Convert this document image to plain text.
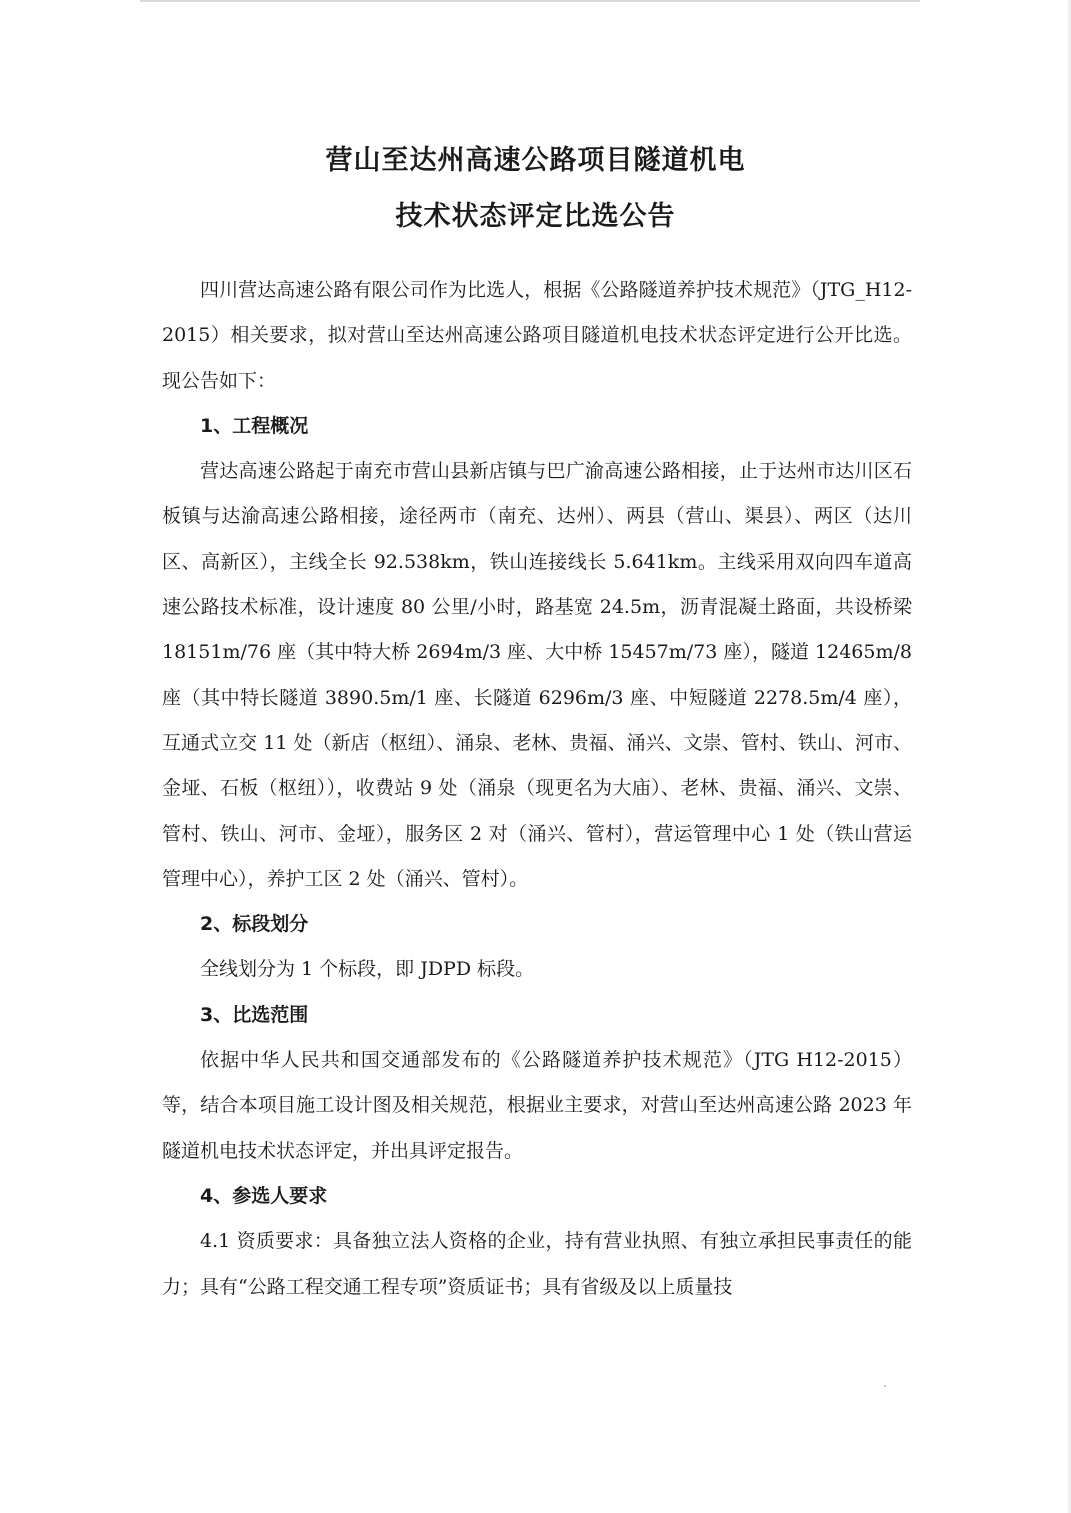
营山至达州高速公路项目隧道机电
技术状态评定比选公告

四川营达高速公路有限公司作为比选人，根据《公路隧道养护技术规范》（JTG_H12-2015）相关要求，拟对营山至达州高速公路项目隧道机电技术状态评定进行公开比选。现公告如下：

1、工程概况

营达高速公路起于南充市营山县新店镇与巴广渝高速公路相接，止于达州市达川区石板镇与达渝高速公路相接，途径两市（南充、达州）、两县（营山、渠县）、两区（达川区、高新区），主线全长 92.538km，铁山连接线长 5.641km。主线采用双向四车道高速公路技术标准，设计速度 80 公里/小时，路基宽 24.5m，沥青混凝土路面，共设桥梁 18151m/76 座（其中特大桥 2694m/3 座、大中桥 15457m/73 座），隧道 12465m/8 座（其中特长隧道 3890.5m/1 座、长隧道 6296m/3 座、中短隧道 2278.5m/4 座），互通式立交 11 处（新店（枢纽）、涌泉、老林、贵福、涌兴、文崇、管村、铁山、河市、金垭、石板（枢纽）），收费站 9 处（涌泉（现更名为大庙）、老林、贵福、涌兴、文崇、管村、铁山、河市、金垭），服务区 2 对（涌兴、管村），营运管理中心 1 处（铁山营运管理中心），养护工区 2 处（涌兴、管村）。

2、标段划分

全线划分为 1 个标段，即 JDPD 标段。

3、比选范围

依据中华人民共和国交通部发布的《公路隧道养护技术规范》（JTG H12-2015）等，结合本项目施工设计图及相关规范，根据业主要求，对营山至达州高速公路 2023 年隧道机电技术状态评定，并出具评定报告。

4、参选人要求

4.1 资质要求：具备独立法人资格的企业，持有营业执照、有独立承担民事责任的能力；具有“公路工程交通工程专项”资质证书；具有省级及以上质量技
